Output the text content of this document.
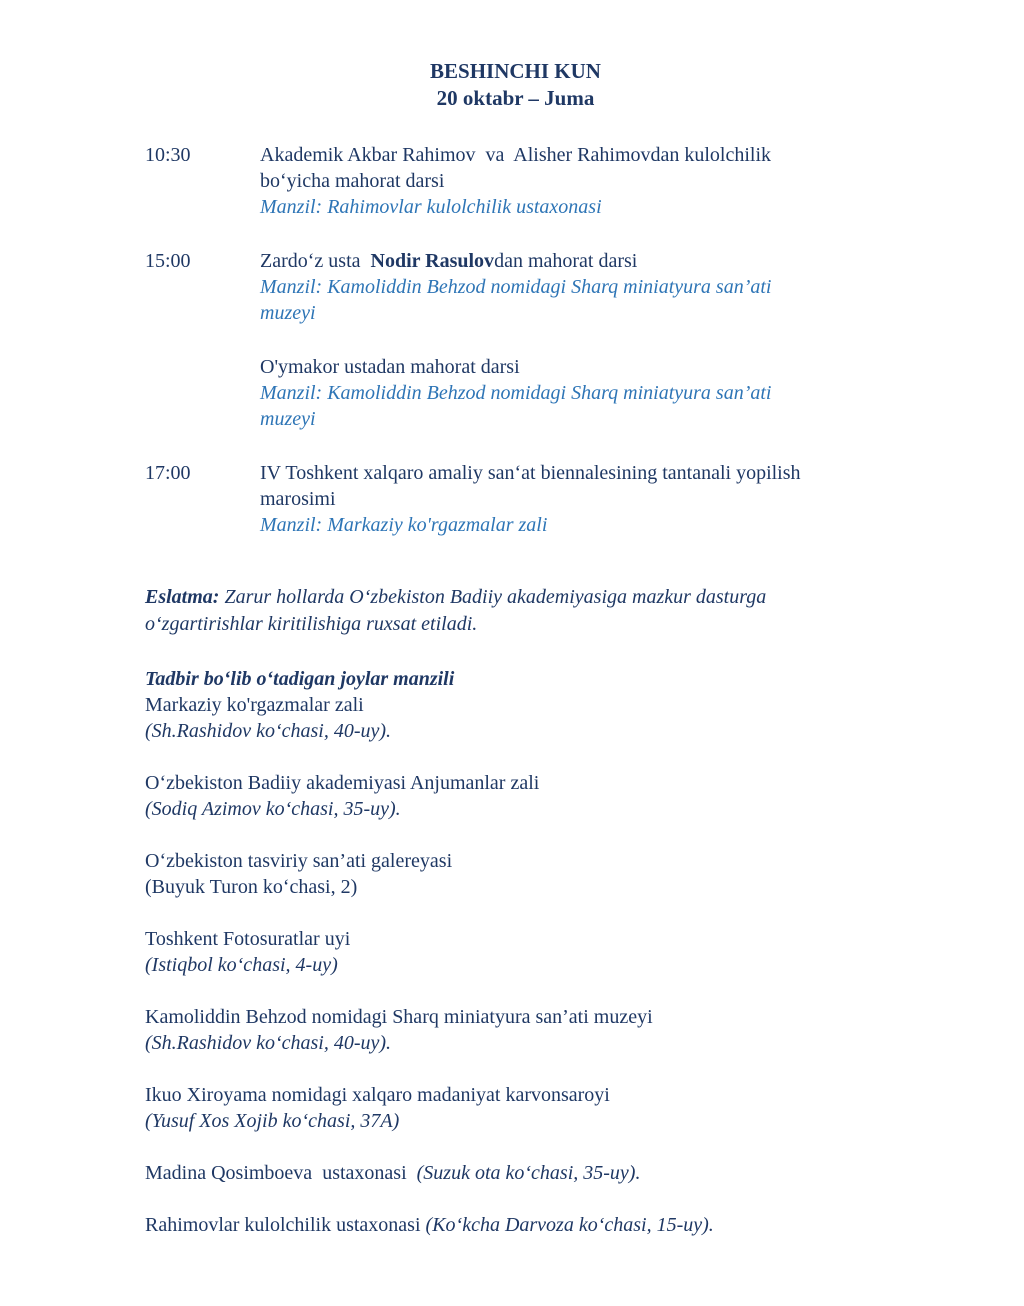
BESHINCHI KUN
20 oktabr – Juma
10:30	Akademik Akbar Rahimov  va  Alisher Rahimovdan kulolchilik
boʻyicha mahorat darsi
Manzil: Rahimovlar kulolchilik ustaxonasi
15:00	Zardoʻz usta  Nodir Rasulovdan mahorat darsi
Manzil: Kamoliddin Behzod nomidagi Sharq miniatyura san’ati
muzeyi
O'ymakor ustadan mahorat darsi
Manzil: Kamoliddin Behzod nomidagi Sharq miniatyura san’ati
muzeyi
17:00	IV Toshkent xalqaro amaliy sanʻat biennalesining tantanali yopilish
marosimi
Manzil: Markaziy ko'rgazmalar zali
Eslatma: Zarur hollarda Oʻzbekiston Badiiy akademiyasiga mazkur dasturga
oʻzgartirishlar kiritilishiga ruxsat etiladi.
Tadbir boʻlib oʻtadigan joylar manzili
Markaziy ko'rgazmalar zali
(Sh.Rashidov koʻchasi, 40-uy).
Oʻzbekiston Badiiy akademiyasi Anjumanlar zali
(Sodiq Azimov koʻchasi, 35-uy).
Oʻzbekiston tasviriy san’ati galereyasi
(Buyuk Turon koʻchasi, 2)
Toshkent Fotosuratlar uyi
(Istiqbol koʻchasi, 4-uy)
Kamoliddin Behzod nomidagi Sharq miniatyura san’ati muzeyi
(Sh.Rashidov koʻchasi, 40-uy).
Ikuo Xiroyama nomidagi xalqaro madaniyat karvonsaroyi
(Yusuf Xos Xojib koʻchasi, 37A)
Madina Qosimboeva  ustaxonasi  (Suzuk ota koʻchasi, 35-uy).
Rahimovlar kulolchilik ustaxonasi (Koʻkcha Darvoza koʻchasi, 15-uy).
